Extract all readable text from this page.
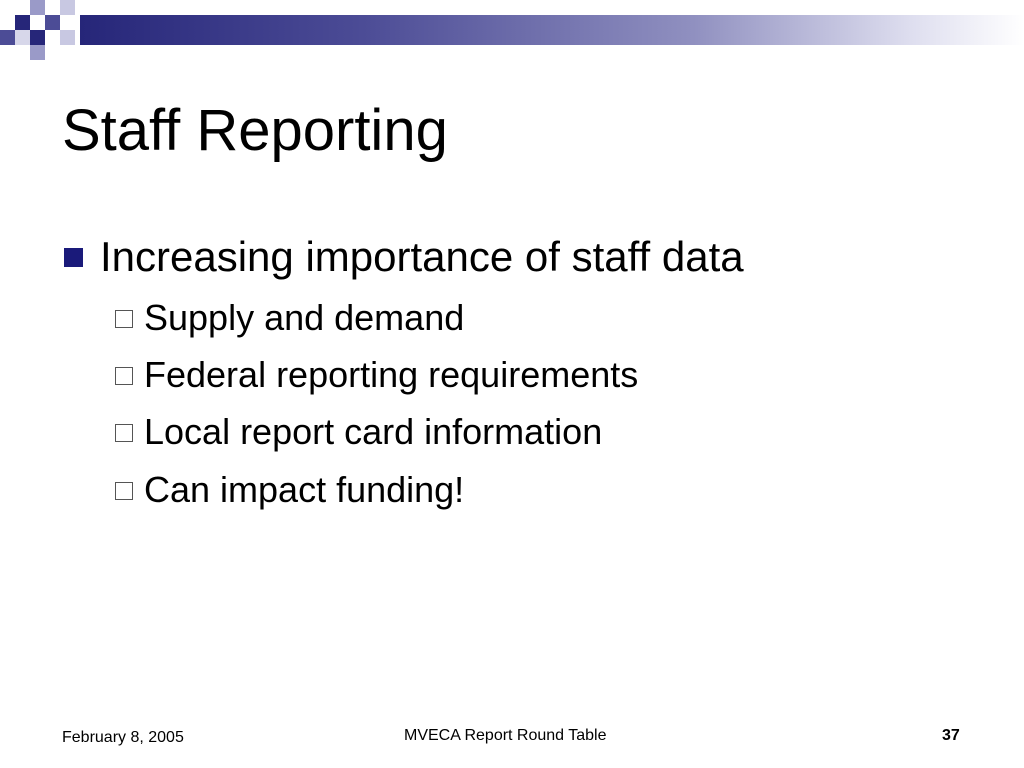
Staff Reporting
Increasing importance of staff data
Supply and demand
Federal reporting requirements
Local report card information
Can impact funding!
February 8, 2005	MVECA Report Round Table	37
